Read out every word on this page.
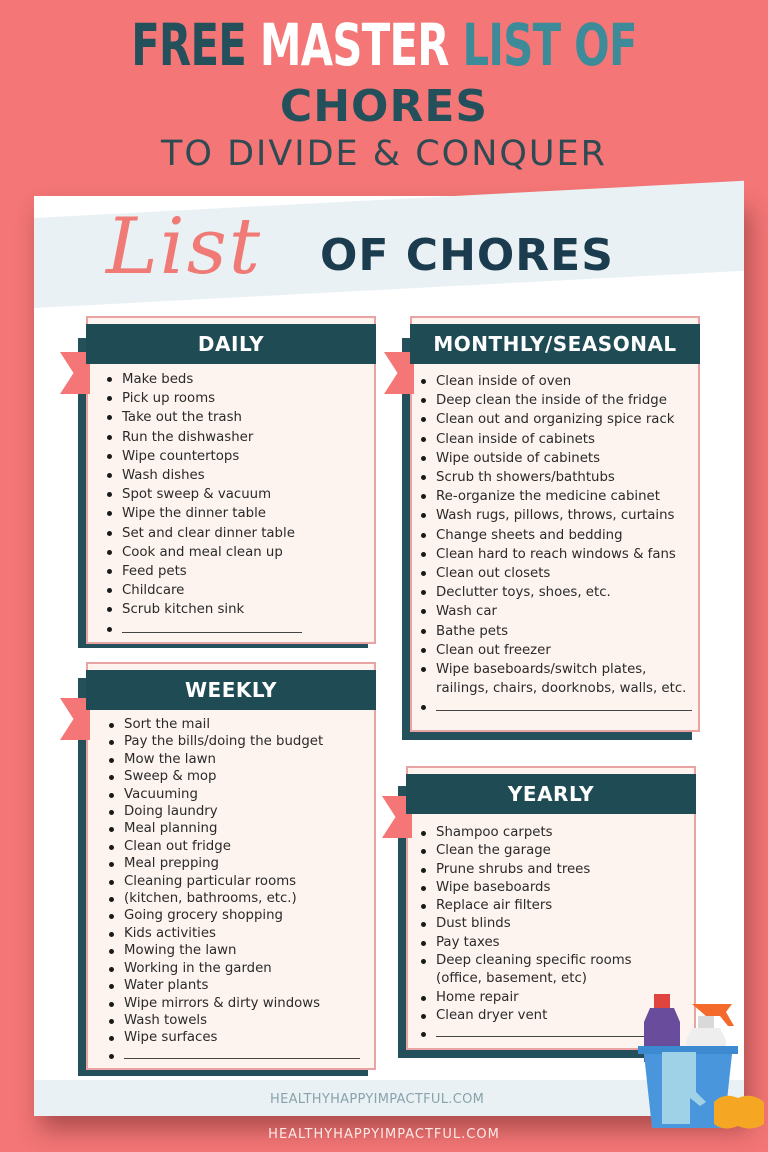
FREE MASTER LIST OF
CHORES
TO DIVIDE & CONQUER
List OF CHORES
DAILY
Make beds
Pick up rooms
Take out the trash
Run the dishwasher
Wipe countertops
Wash dishes
Spot sweep & vacuum
Wipe the dinner table
Set and clear dinner table
Cook and meal clean up
Feed pets
Childcare
Scrub kitchen sink
MONTHLY/SEASONAL
Clean inside of oven
Deep clean the inside of the fridge
Clean out and organizing spice rack
Clean inside of cabinets
Wipe outside of cabinets
Scrub th showers/bathtubs
Re-organize the medicine cabinet
Wash rugs, pillows, throws, curtains
Change sheets and bedding
Clean hard to reach windows & fans
Clean out closets
Declutter toys, shoes, etc.
Wash car
Bathe pets
Clean out freezer
Wipe baseboards/switch plates,
railings, chairs, doorknobs, walls, etc.
WEEKLY
Sort the mail
Pay the bills/doing the budget
Mow the lawn
Sweep & mop
Vacuuming
Doing laundry
Meal planning
Clean out fridge
Meal prepping
Cleaning particular rooms
(kitchen, bathrooms, etc.)
Going grocery shopping
Kids activities
Mowing the lawn
Working in the garden
Water plants
Wipe mirrors & dirty windows
Wash towels
Wipe surfaces
YEARLY
Shampoo carpets
Clean the garage
Prune shrubs and trees
Wipe baseboards
Replace air filters
Dust blinds
Pay taxes
Deep cleaning specific rooms
(office, basement, etc)
Home repair
Clean dryer vent
HEALTHYHAPPYIMPACTFUL.COM
HEALTHYHAPPYIMPACTFUL.COM
